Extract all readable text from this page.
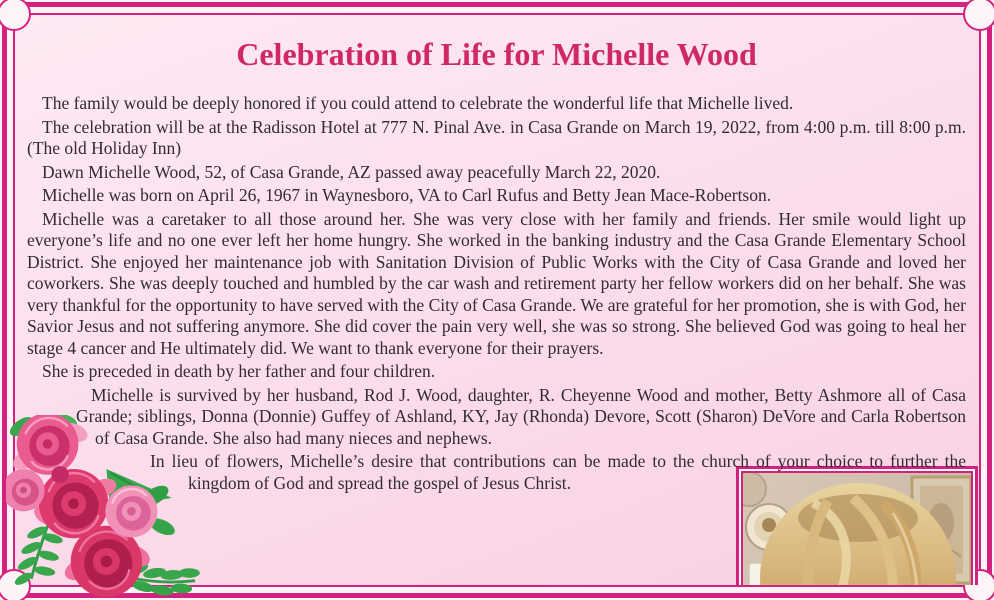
Celebration of Life for Michelle Wood

The family would be deeply honored if you could attend to celebrate the wonderful life that Michelle lived.

The celebration will be at the Radisson Hotel at 777 N. Pinal Ave. in Casa Grande on March 19, 2022, from 4:00 p.m. till 8:00 p.m. (The old Holiday Inn)

Dawn Michelle Wood, 52, of Casa Grande, AZ passed away peacefully March 22, 2020.

Michelle was born on April 26, 1967 in Waynesboro, VA to Carl Rufus and Betty Jean Mace-Robertson.

Michelle was a caretaker to all those around her. She was very close with her family and friends. Her smile would light up everyone’s life and no one ever left her home hungry. She worked in the banking industry and the Casa Grande Elementary School District. She enjoyed her maintenance job with Sanitation Division of Public Works with the City of Casa Grande and loved her coworkers. She was deeply touched and humbled by the car wash and retirement party her fellow workers did on her behalf. She was very thankful for the opportunity to have served with the City of Casa Grande. We are grateful for her promotion, she is with God, her Savior Jesus and not suffering anymore. She did cover the pain very well, she was so strong. She believed God was going to heal her stage 4 cancer and He ultimately did. We want to thank everyone for their prayers.

She is preceded in death by her father and four children.

Michelle is survived by her husband, Rod J. Wood, daughter, R. Cheyenne Wood and mother, Betty Ashmore all of Casa Grande; siblings, Donna (Donnie) Guffey of Ashland, KY, Jay (Rhonda) Devore, Scott (Sharon) DeVore and Carla Robertson of Casa Grande. She also had many nieces and nephews.

In lieu of flowers, Michelle’s desire that contributions can be made to the church of your choice to further the kingdom of God and spread the gospel of Jesus Christ.
